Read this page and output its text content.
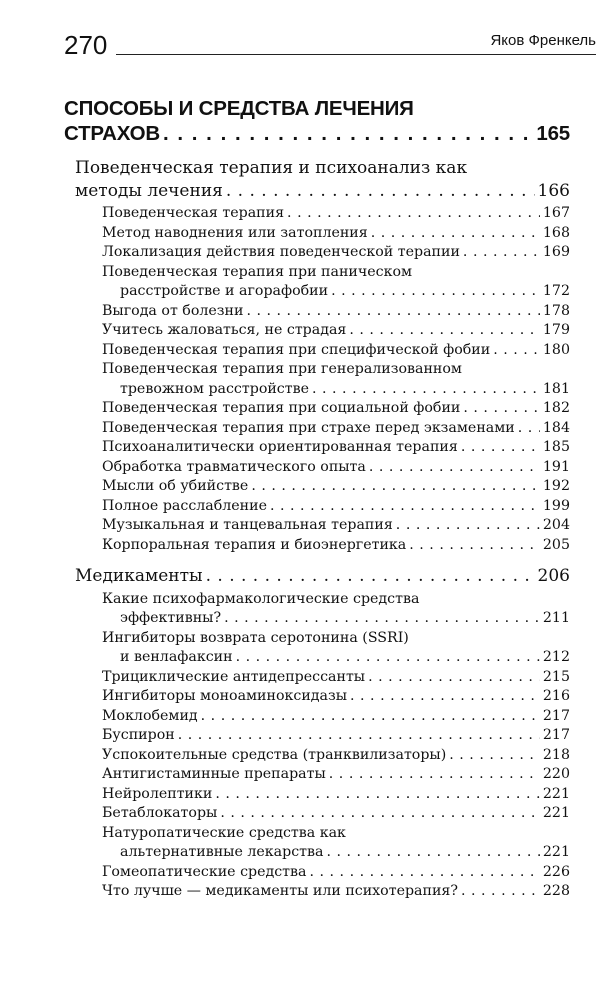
270	Яков Френкель
СПОСОБЫ И СРЕДСТВА ЛЕЧЕНИЯ
СТРАХОВ . . .	165
Поведенческая терапия и психоанализ как
методы лечения . . .	166
Поведенческая терапия . . .	167
Метод наводнения или затопления . . .	168
Локализация действия поведенческой терапии . . .	169
Поведенческая терапия при паническом
расстройстве и агорафобии . . .	172
Выгода от болезни . . .	178
Учитесь жаловаться, не страдая . . .	179
Поведенческая терапия при специфической фобии . . .	180
Поведенческая терапия при генерализованном
тревожном расстройстве . . .	181
Поведенческая терапия при социальной фобии . . .	182
Поведенческая терапия при страхе перед экзаменами . . . 184
Психоаналитически ориентированная терапия . . .	185
Обработка травматического опыта . . .	191
Мысли об убийстве . . .	192
Полное расслабление . . .	199
Музыкальная и танцевальная терапия . . .	204
Корпоральная терапия и биоэнергетика . . .	205
Медикаменты . . .	206
Какие психофармакологические средства
эффективны? . . .	211
Ингибиторы возврата серотонина (SSRI)
и венлафаксин . . .	212
Трициклические антидепрессанты . . .	215
Ингибиторы моноаминоксидазы . . .	216
Моклобемид . . .	217
Буспирон . . .	217
Успокоительные средства (транквилизаторы) . . .	218
Антигистаминные препараты . . .	220
Нейролептики . . .	221
Бетаблокаторы . . .	221
Натуропатические средства как
альтернативные лекарства . . .	221
Гомеопатические средства . . .	226
Что лучше — медикаменты или психотерапия? . . .	228
